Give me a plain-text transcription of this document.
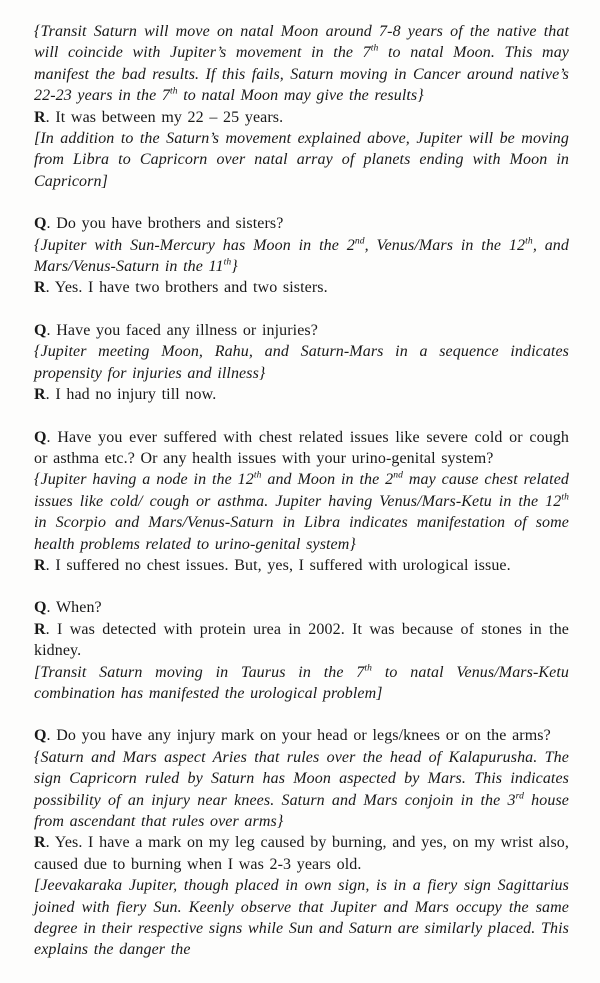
{Transit Saturn will move on natal Moon around 7-8 years of the native that will coincide with Jupiter’s movement in the 7th to natal Moon. This may manifest the bad results. If this fails, Saturn moving in Cancer around native’s 22-23 years in the 7th to natal Moon may give the results}

R. It was between my 22 – 25 years.

[In addition to the Saturn’s movement explained above, Jupiter will be moving from Libra to Capricorn over natal array of planets ending with Moon in Capricorn]

Q. Do you have brothers and sisters?

{Jupiter with Sun-Mercury has Moon in the 2nd, Venus/Mars in the 12th, and Mars/Venus-Saturn in the 11th}

R. Yes. I have two brothers and two sisters.

Q. Have you faced any illness or injuries?

{Jupiter meeting Moon, Rahu, and Saturn-Mars in a sequence indicates propensity for injuries and illness}

R. I had no injury till now.

Q. Have you ever suffered with chest related issues like severe cold or cough or asthma etc.? Or any health issues with your urino-genital system?

{Jupiter having a node in the 12th and Moon in the 2nd may cause chest related issues like cold/ cough or asthma. Jupiter having Venus/Mars-Ketu in the 12th in Scorpio and Mars/Venus-Saturn in Libra indicates manifestation of some health problems related to urino-genital system}

R. I suffered no chest issues. But, yes, I suffered with urological issue.

Q. When?

R. I was detected with protein urea in 2002. It was because of stones in the kidney.

[Transit Saturn moving in Taurus in the 7th to natal Venus/Mars-Ketu combination has manifested the urological problem]

Q. Do you have any injury mark on your head or legs/knees or on the arms?

{Saturn and Mars aspect Aries that rules over the head of Kalapurusha. The sign Capricorn ruled by Saturn has Moon aspected by Mars. This indicates possibility of an injury near knees. Saturn and Mars conjoin in the 3rd house from ascendant that rules over arms}

R. Yes. I have a mark on my leg caused by burning, and yes, on my wrist also, caused due to burning when I was 2-3 years old.

[Jeevakaraka Jupiter, though placed in own sign, is in a fiery sign Sagittarius joined with fiery Sun. Keenly observe that Jupiter and Mars occupy the same degree in their respective signs while Sun and Saturn are similarly placed. This explains the danger the
